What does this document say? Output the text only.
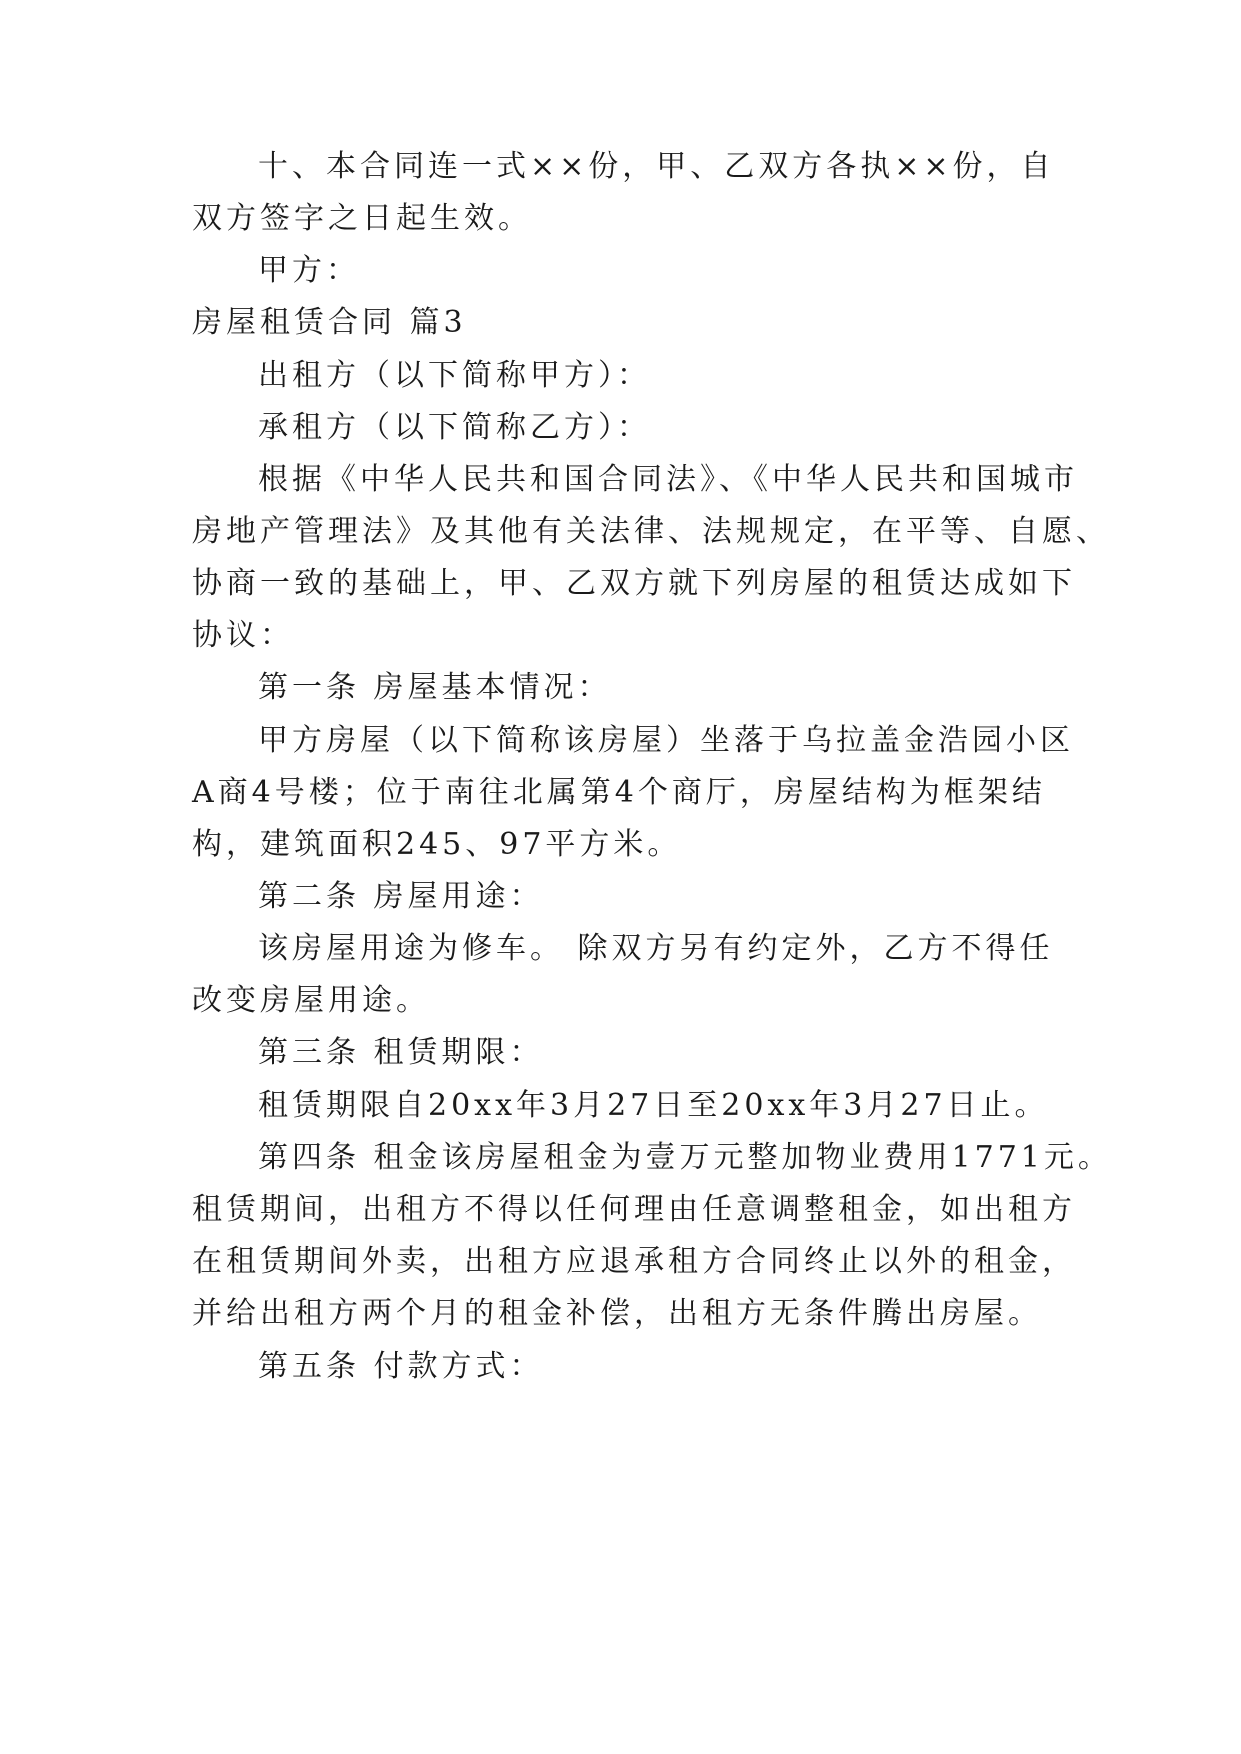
十、本合同连一式××份，甲、乙双方各执××份，自
双方签字之日起生效。
甲方：
房屋租赁合同 篇3
出租方（以下简称甲方）：
承租方（以下简称乙方）：
根据《中华人民共和国合同法》、《中华人民共和国城市
房地产管理法》及其他有关法律、法规规定，在平等、自愿、
协商一致的基础上，甲、乙双方就下列房屋的租赁达成如下
协议：
第一条 房屋基本情况：
甲方房屋（以下简称该房屋）坐落于乌拉盖金浩园小区
A商4号楼；位于南往北属第4个商厅，房屋结构为框架结
构，建筑面积245、97平方米。
第二条 房屋用途：
该房屋用途为修车。 除双方另有约定外，乙方不得任
改变房屋用途。
第三条 租赁期限：
租赁期限自20xx年3月27日至20xx年3月27日止。
第四条 租金该房屋租金为壹万元整加物业费用1771元。
租赁期间，出租方不得以任何理由任意调整租金，如出租方
在租赁期间外卖，出租方应退承租方合同终止以外的租金，
并给出租方两个月的租金补偿，出租方无条件腾出房屋。
第五条 付款方式：
